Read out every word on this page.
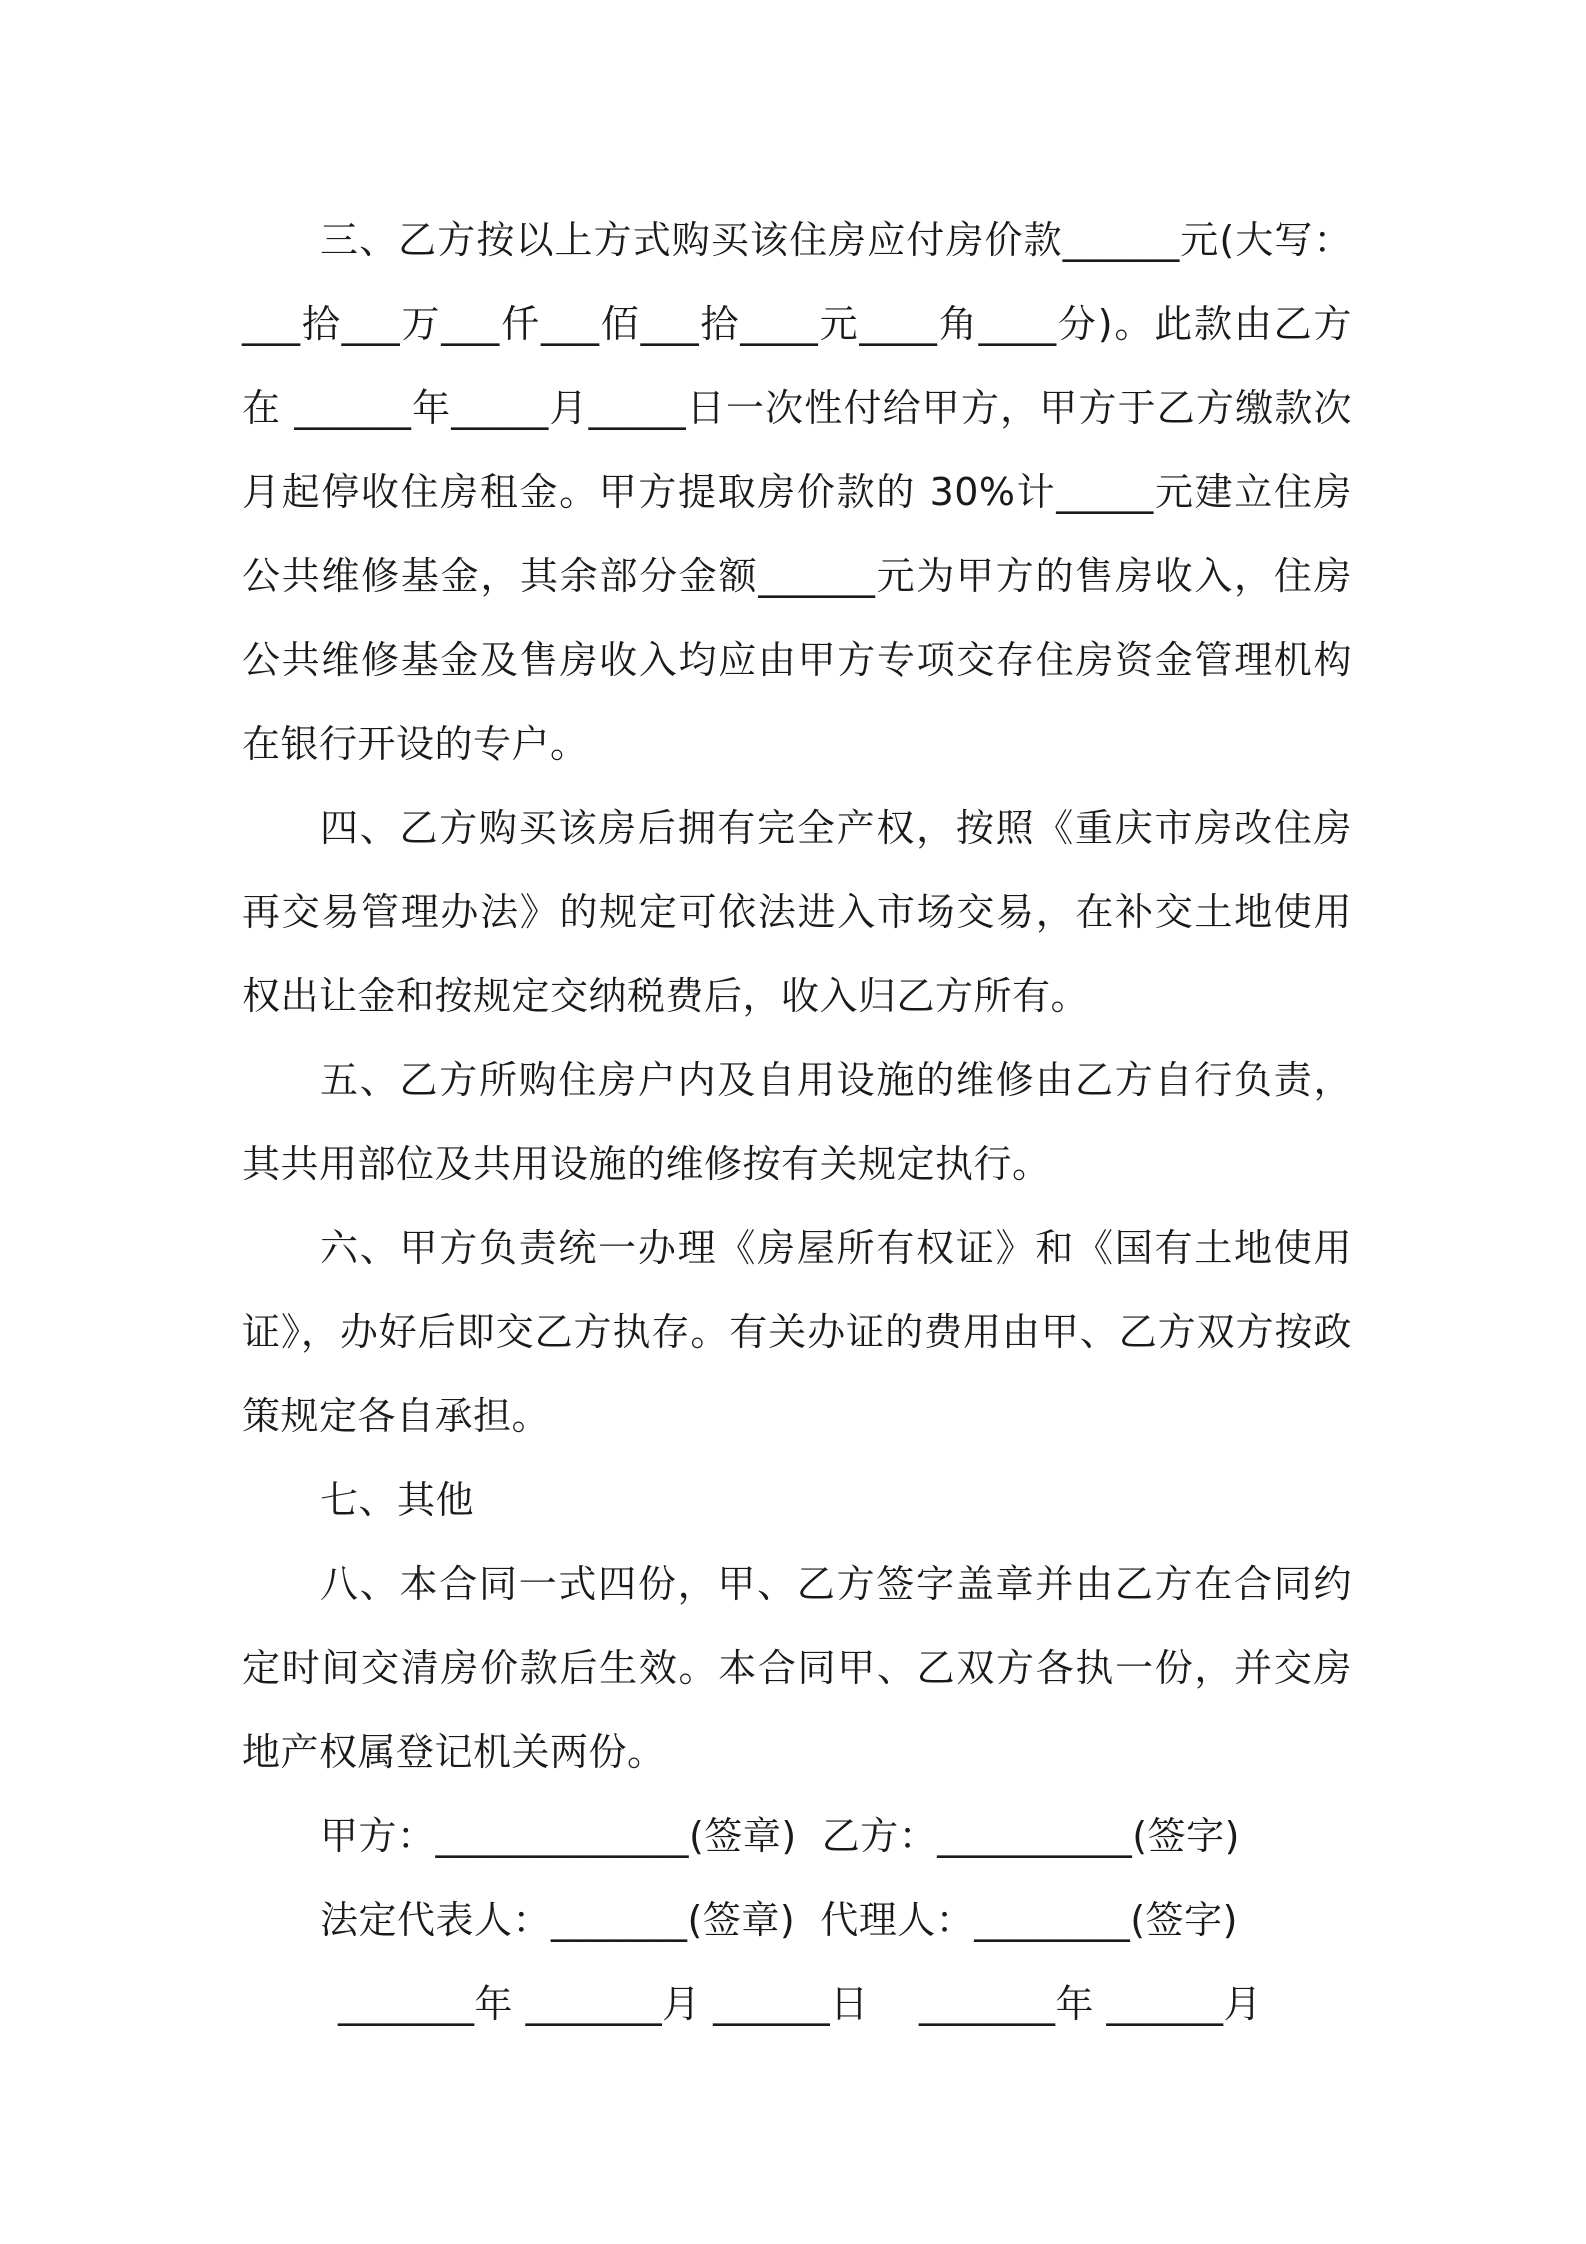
三、乙方按以上方式购买该住房应付房价款______元(大写：___拾___万___仟___佰___拾____元____角____分)。此款由乙方在 ______年_____月_____日一次性付给甲方，甲方于乙方缴款次月起停收住房租金。甲方提取房价款的 30%计_____元建立住房公共维修基金，其余部分金额______元为甲方的售房收入，住房公共维修基金及售房收入均应由甲方专项交存住房资金管理机构在银行开设的专户。

四、乙方购买该房后拥有完全产权，按照《重庆市房改住房再交易管理办法》的规定可依法进入市场交易，在补交土地使用权出让金和按规定交纳税费后，收入归乙方所有。

五、乙方所购住房户内及自用设施的维修由乙方自行负责，其共用部位及共用设施的维修按有关规定执行。

六、甲方负责统一办理《房屋所有权证》和《国有土地使用证》，办好后即交乙方执存。有关办证的费用由甲、乙方双方按政策规定各自承担。

七、其他

八、本合同一式四份，甲、乙方签字盖章并由乙方在合同约定时间交清房价款后生效。本合同甲、乙双方各执一份，并交房地产权属登记机关两份。

甲方：_____________(签章)  乙方：__________(签字)

法定代表人：_______(签章)  代理人：________(签字)

_______年 _______月 ______日    _______年 ______月
